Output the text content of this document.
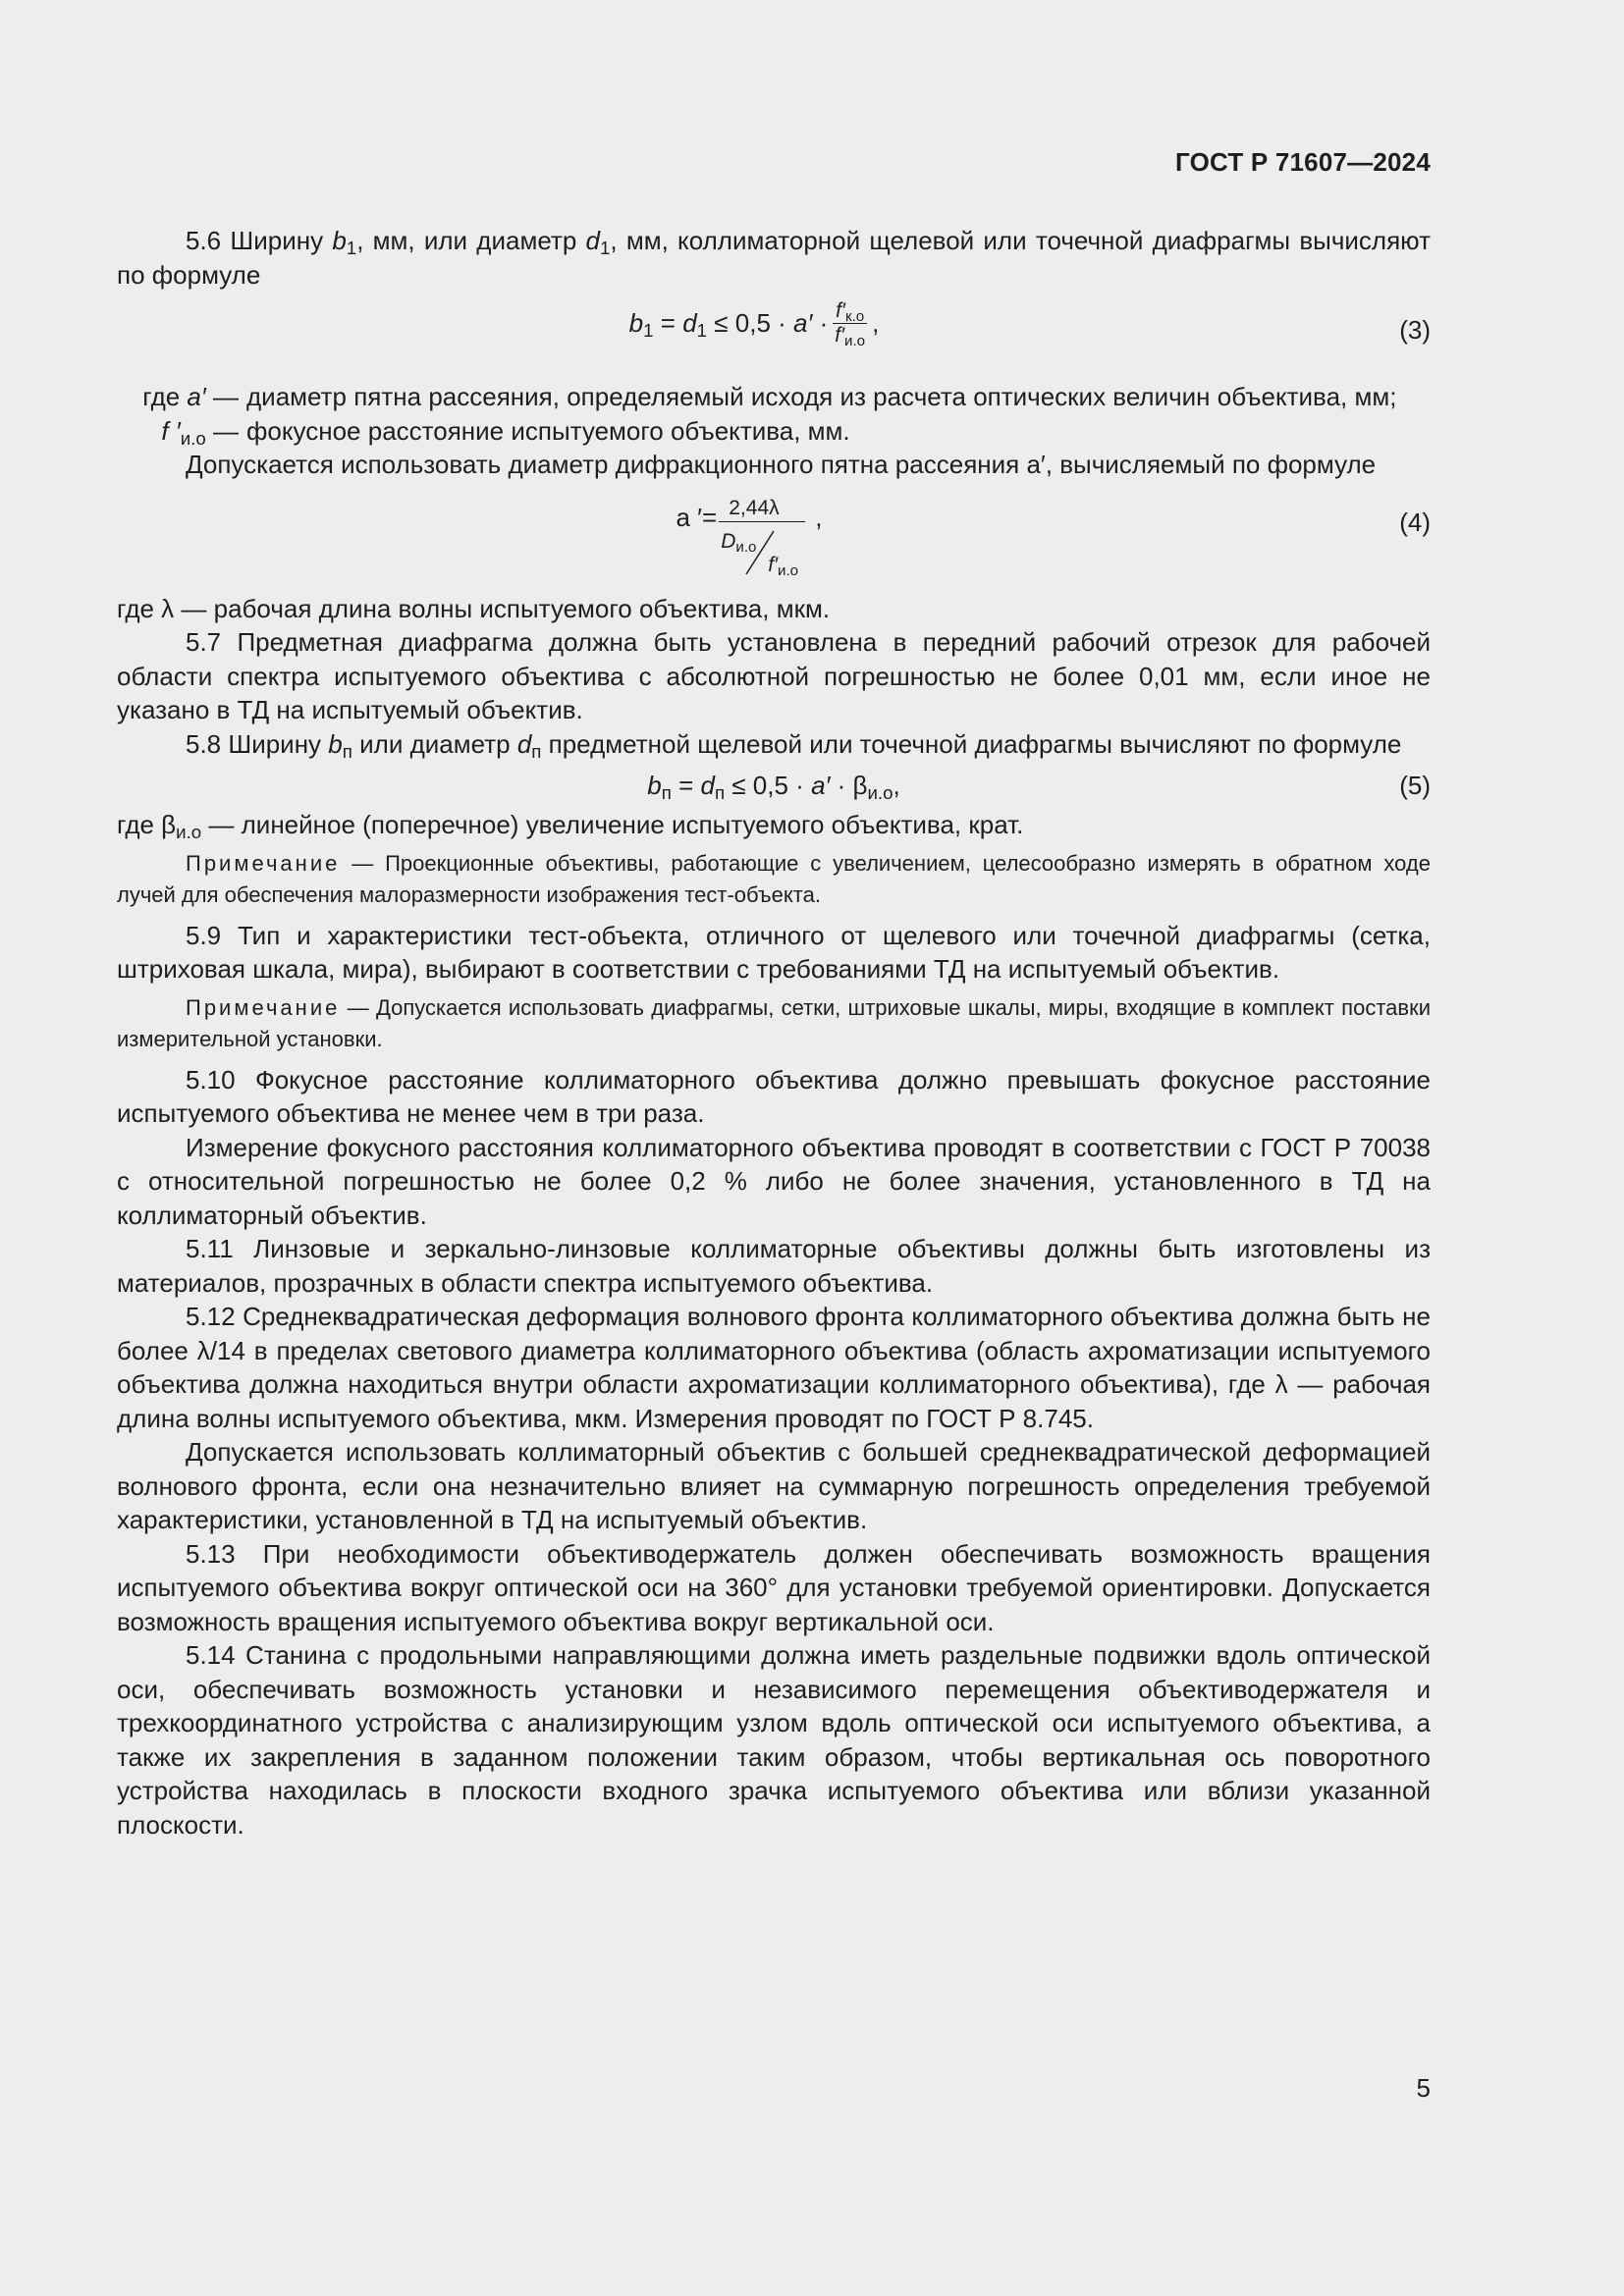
ГОСТ Р 71607—2024

5.6 Ширину $b_1$, мм, или диаметр $d_1$, мм, коллиматорной щелевой или точечной диафрагмы вычисляют по формуле

$b_1 = d_1 \le 0,5 \cdot a' \cdot \frac{f'_{к.о}}{f'_{и.о}}$ ,	(3)
где a′ — диаметр пятна рассеяния, определяемый исходя из расчета оптических величин объектива, мм;
f $'_{и.о}$ — фокусное расстояние испытуемого объектива, мм.

Допускается использовать диаметр дифракционного пятна рассеяния a′, вычисляемый по формуле

a ′= 2,44λ
$D_{и.о}$
$f'_{и.о}$
,	(4)

где λ — рабочая длина волны испытуемого объектива, мкм.

5.7 Предметная диафрагма должна быть установлена в передний рабочий отрезок для рабочей области спектра испытуемого объектива с абсолютной погрешностью не более 0,01 мм, если иное не указано в ТД на испытуемый объектив.

5.8 Ширину $b_п$ или диаметр $d_п$ предметной щелевой или точечной диафрагмы вычисляют по формуле

$b_п = d_п \le 0,5 \cdot a' \cdot \beta_{и.о}$,	(5)

где $\beta_{и.о}$ — линейное (поперечное) увеличение испытуемого объектива, крат.

Примечание — Проекционные объективы, работающие с увеличением, целесообразно измерять в обратном ходе лучей для обеспечения малоразмерности изображения тест-объекта.

5.9 Тип и характеристики тест-объекта, отличного от щелевого или точечной диафрагмы (сетка, штриховая шкала, мира), выбирают в соответствии с требованиями ТД на испытуемый объектив.

Примечание — Допускается использовать диафрагмы, сетки, штриховые шкалы, миры, входящие в комплект поставки измерительной установки.

5.10 Фокусное расстояние коллиматорного объектива должно превышать фокусное расстояние испытуемого объектива не менее чем в три раза.

Измерение фокусного расстояния коллиматорного объектива проводят в соответствии с ГОСТ Р 70038 с относительной погрешностью не более 0,2 % либо не более значения, установленного в ТД на коллиматорный объектив.

5.11 Линзовые и зеркально-линзовые коллиматорные объективы должны быть изготовлены из материалов, прозрачных в области спектра испытуемого объектива.

5.12 Среднеквадратическая деформация волнового фронта коллиматорного объектива должна быть не более λ/14 в пределах светового диаметра коллиматорного объектива (область ахроматизации испытуемого объектива должна находиться внутри области ахроматизации коллиматорного объектива), где λ — рабочая длина волны испытуемого объектива, мкм. Измерения проводят по ГОСТ Р 8.745.

Допускается использовать коллиматорный объектив с большей среднеквадратической деформацией волнового фронта, если она незначительно влияет на суммарную погрешность определения требуемой характеристики, установленной в ТД на испытуемый объектив.

5.13 При необходимости объективодержатель должен обеспечивать возможность вращения испытуемого объектива вокруг оптической оси на 360° для установки требуемой ориентировки. Допускается возможность вращения испытуемого объектива вокруг вертикальной оси.

5.14 Станина с продольными направляющими должна иметь раздельные подвижки вдоль оптической оси, обеспечивать возможность установки и независимого перемещения объективодержателя и трехкоординатного устройства с анализирующим узлом вдоль оптической оси испытуемого объектива, а также их закрепления в заданном положении таким образом, чтобы вертикальная ось поворотного устройства находилась в плоскости входного зрачка испытуемого объектива или вблизи указанной плоскости.

5
